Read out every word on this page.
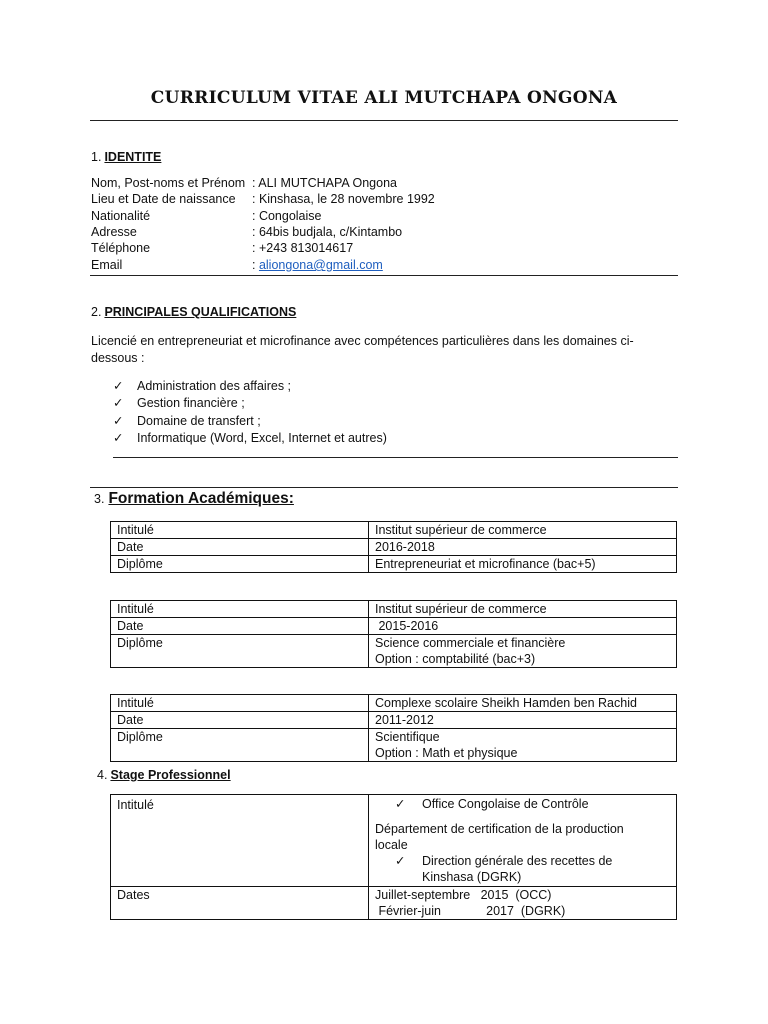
CURRICULUM VITAE ALI MUTCHAPA ONGONA
1. IDENTITE
Nom, Post-noms et Prénom : ALI MUTCHAPA Ongona
Lieu et Date de naissance : Kinshasa, le 28 novembre 1992
Nationalité	: Congolaise
Adresse	: 64bis budjala, c/Kintambo
Téléphone	: +243 813014617
Email	: aliongona@gmail.com
2. PRINCIPALES QUALIFICATIONS
Licencié en entrepreneuriat et microfinance avec compétences particulières dans les domaines ci-
dessous :
✓ Administration des affaires ;
✓ Gestion financière ;
✓ Domaine de transfert ;
✓ Informatique (Word, Excel, Internet et autres)
3. Formation Académiques:
Intitulé	Institut supérieur de commerce
Date	2016-2018
Diplôme	Entrepreneuriat et microfinance (bac+5)
Intitulé	Institut supérieur de commerce
Date	2015-2016
Diplôme	Science commerciale et financière
Option : comptabilité (bac+3)
Intitulé	Complexe scolaire Sheikh Hamden ben Rachid
Date	2011-2012
Diplôme	Scientifique
Option : Math et physique
4. Stage Professionnel
Intitulé	✓ Office Congolaise de Contrôle
Département de certification de la production
locale
✓ Direction générale des recettes de
Kinshasa (DGRK)

Dates	Juillet-septembre   2015  (OCC)
Février-juin             2017  (DGRK)
